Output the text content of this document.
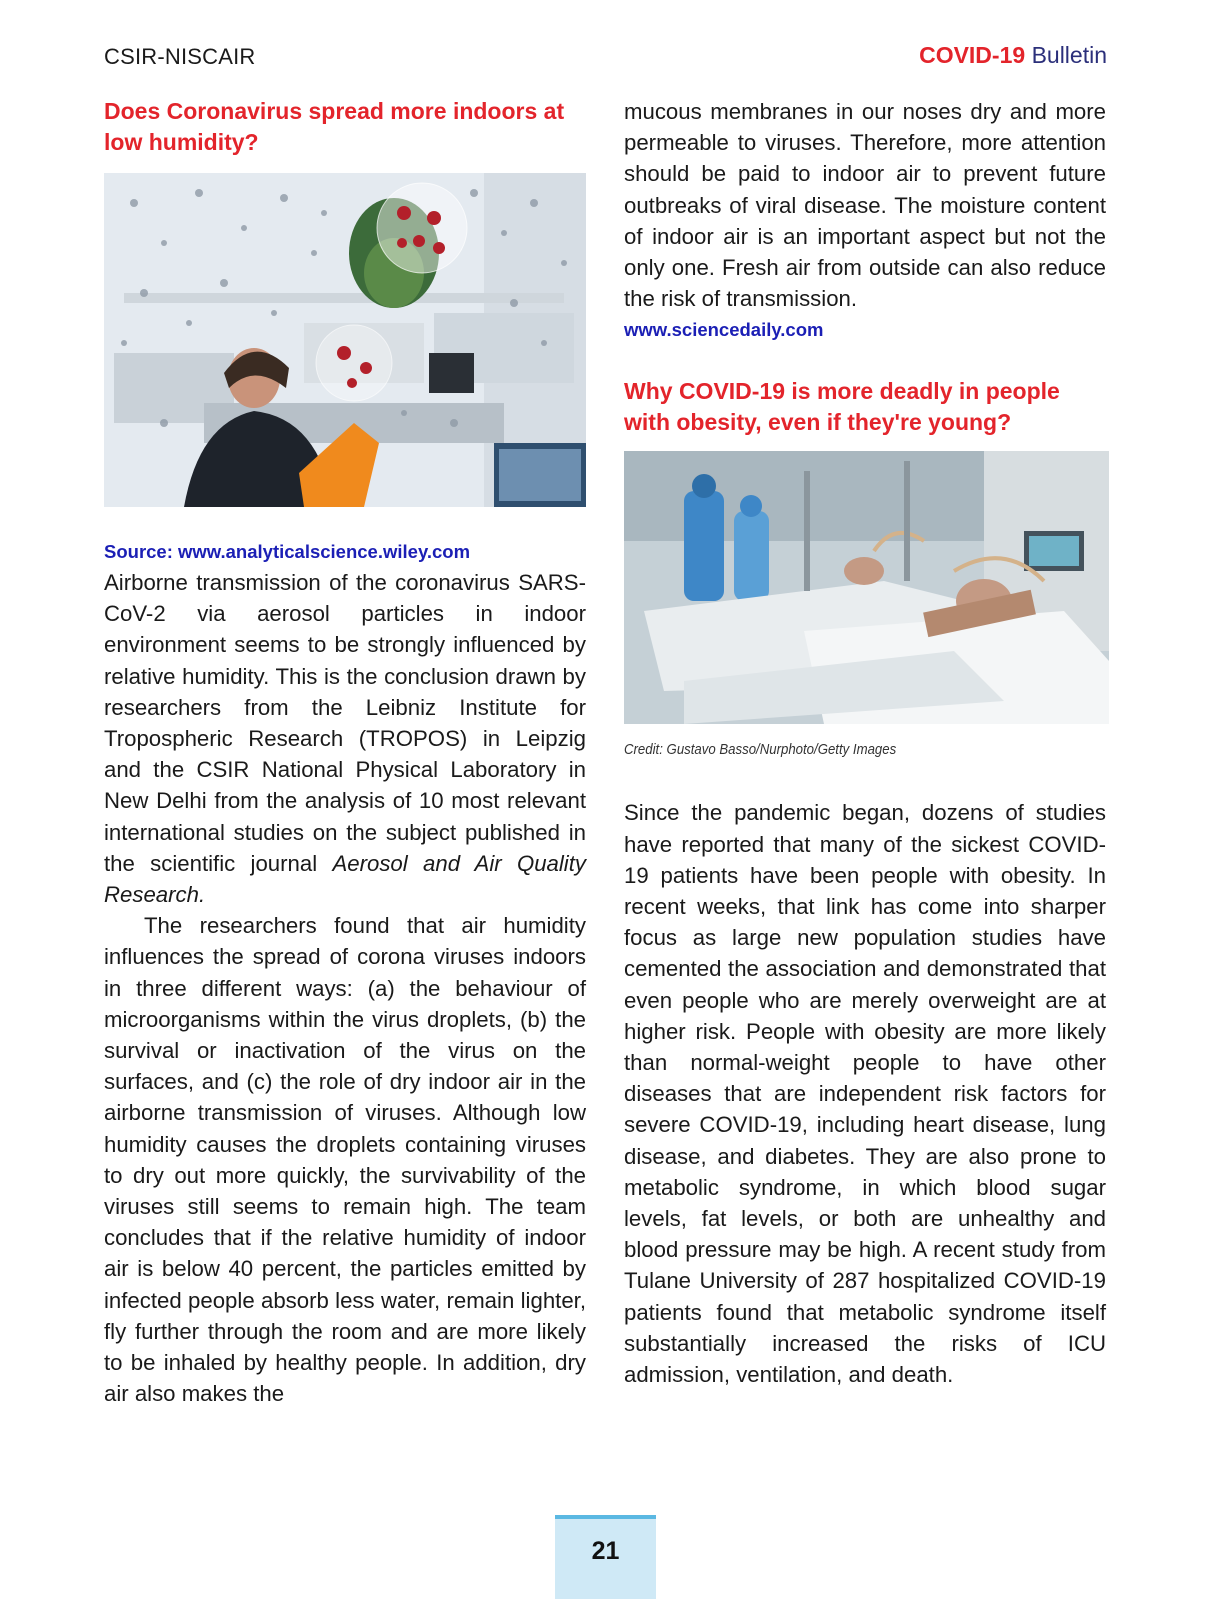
CSIR-NISCAIR	COVID-19 Bulletin
Does Coronavirus spread more indoors at low humidity?
Source: www.analyticalscience.wiley.com

Airborne transmission of the coronavirus SARS-CoV-2 via aerosol particles in indoor environment seems to be strongly influenced by relative humidity. This is the conclusion drawn by researchers from the Leibniz Institute for Tropospheric Research (TROPOS) in Leipzig and the CSIR National Physical Laboratory in New Delhi from the analysis of 10 most relevant international studies on the subject published in the scientific journal Aerosol and Air Quality Research.

The researchers found that air humidity influences the spread of corona viruses indoors in three different ways: (a) the behaviour of microorganisms within the virus droplets, (b) the survival or inactivation of the virus on the surfaces, and (c) the role of dry indoor air in the airborne transmission of viruses. Although low humidity causes the droplets containing viruses to dry out more quickly, the survivability of the viruses still seems to remain high. The team concludes that if the relative humidity of indoor air is below 40 percent, the particles emitted by infected people absorb less water, remain lighter, fly further through the room and are more likely to be inhaled by healthy people. In addition, dry air also makes the

mucous membranes in our noses dry and more permeable to viruses. Therefore, more attention should be paid to indoor air to prevent future outbreaks of viral disease. The moisture content of indoor air is an important aspect but not the only one. Fresh air from outside can also reduce the risk of transmission.

www.sciencedaily.com
Why COVID-19 is more deadly in people with obesity, even if they're young?
Credit: Gustavo Basso/Nurphoto/Getty Images

Since the pandemic began, dozens of studies have reported that many of the sickest COVID-19 patients have been people with obesity. In recent weeks, that link has come into sharper focus as large new population studies have cemented the association and demonstrated that even people who are merely overweight are at higher risk. People with obesity are more likely than normal-weight people to have other diseases that are independent risk factors for severe COVID-19, including heart disease, lung disease, and diabetes. They are also prone to metabolic syndrome, in which blood sugar levels, fat levels, or both are unhealthy and blood pressure may be high. A recent study from Tulane University of 287 hospitalized COVID-19 patients found that metabolic syndrome itself substantially increased the risks of ICU admission, ventilation, and death.

21
